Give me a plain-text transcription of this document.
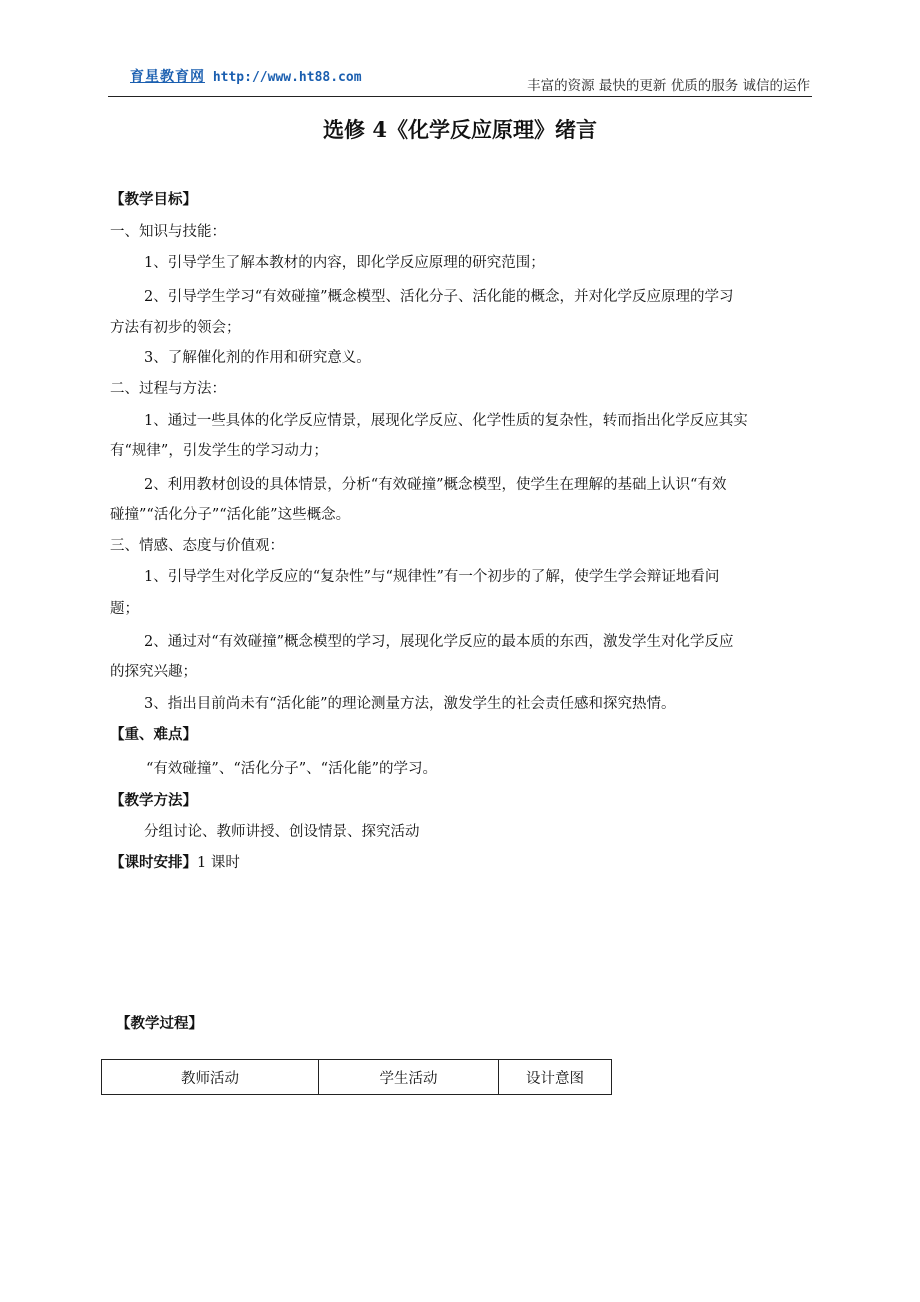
育星教育网 http://www.ht88.com
丰富的资源 最快的更新 优质的服务 诚信的运作
选修 4《化学反应原理》绪言
【教学目标】
一、知识与技能：
1、引导学生了解本教材的内容，即化学反应原理的研究范围；
2、引导学生学习“有效碰撞”概念模型、活化分子、活化能的概念，并对化学反应原理的学习
方法有初步的领会；
3、了解催化剂的作用和研究意义。
二、过程与方法：
1、通过一些具体的化学反应情景，展现化学反应、化学性质的复杂性，转而指出化学反应其实
有“规律”，引发学生的学习动力；
2、利用教材创设的具体情景，分析“有效碰撞”概念模型，使学生在理解的基础上认识“有效
碰撞”“活化分子”“活化能”这些概念。
三、情感、态度与价值观：
1、引导学生对化学反应的“复杂性”与“规律性”有一个初步的了解，使学生学会辩证地看问
题；
2、通过对“有效碰撞”概念模型的学习，展现化学反应的最本质的东西，激发学生对化学反应
的探究兴趣；
3、指出目前尚未有“活化能”的理论测量方法，激发学生的社会责任感和探究热情。
【重、难点】
“有效碰撞”、“活化分子”、“活化能”的学习。
【教学方法】
分组讨论、教师讲授、创设情景、探究活动
【课时安排】1 课时
【教学过程】
教师活动	学生活动	设计意图
